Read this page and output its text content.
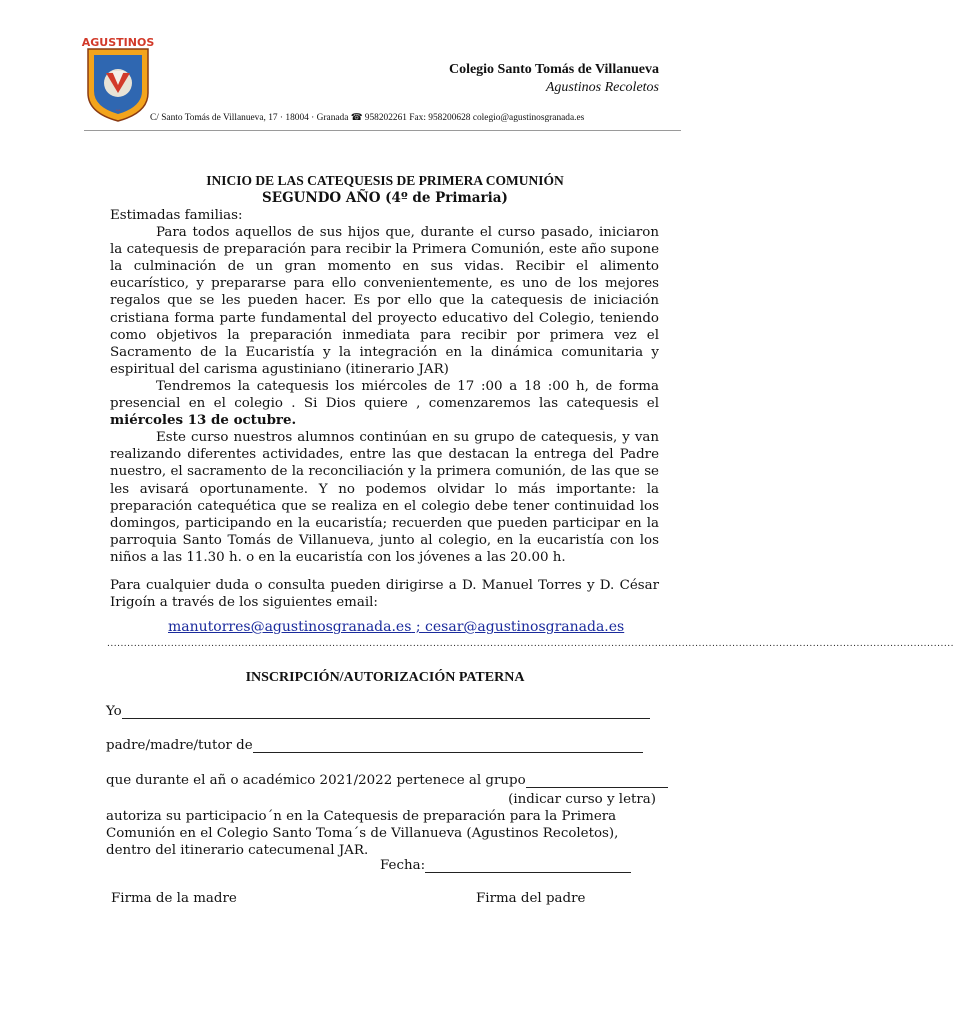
AGUSTINOS
ꟷ
Colegio Santo Tomás de Villanueva
Agustinos Recoletos
C/ Santo Tomás de Villanueva, 17 · 18004 · Granada ☎ 958202261 Fax: 958200628 colegio@agustinosgranada.es
INICIO DE LAS CATEQUESIS DE PRIMERA COMUNIÓN
SEGUNDO AÑO (4º de Primaria)

Estimadas familias:

Para todos aquellos de sus hijos que, durante el curso pasado, iniciaron la catequesis de preparación para recibir la Primera Comunión, este año supone la culminación de un gran momento en sus vidas. Recibir el alimento eucarístico, y prepararse para ello convenientemente, es uno de los mejores regalos que se les pueden hacer. Es por ello que la catequesis de iniciación cristiana forma parte fundamental del proyecto educativo del Colegio, teniendo como objetivos la preparación inmediata para recibir por primera vez el Sacramento de la Eucaristía y la integración en la dinámica comunitaria y espiritual del carisma agustiniano (itinerario JAR)

Tendremos la catequesis los miércoles de 17 :00 a 18 :00 h, de forma presencial en el colegio . Si Dios quiere , comenzaremos las catequesis el miércoles 13 de octubre.

Este curso nuestros alumnos continúan en su grupo de catequesis, y van realizando diferentes actividades, entre las que destacan la entrega del Padre nuestro, el sacramento de la reconciliación y la primera comunión, de las que se les avisará oportunamente. Y no podemos olvidar lo más importante: la preparación catequética que se realiza en el colegio debe tener continuidad los domingos, participando en la eucaristía; recuerden que pueden participar en la parroquia Santo Tomás de Villanueva, junto al colegio, en la eucaristía con los niños a las 11.30 h. o en la eucaristía con los jóvenes a las 20.00 h.

Para cualquier duda o consulta pueden dirigirse a D. Manuel Torres y D. César Irigoín a través de los siguientes email:

manutorres@agustinosgranada.es ; cesar@agustinosgranada.es
............................................................................................................................................................................................................................................................
INSCRIPCIÓN/AUTORIZACIÓN PATERNA
Yo
padre/madre/tutor de
que durante el añ o académico 2021/2022 pertenece al grupo

(indicar curso y letra)

autoriza su participacio´n en la Catequesis de preparación para la Primera Comunión en el Colegio Santo Toma´s de Villanueva (Agustinos Recoletos), dentro del itinerario catecumenal JAR.

Fecha:
Firma de la madre	Firma del padre
